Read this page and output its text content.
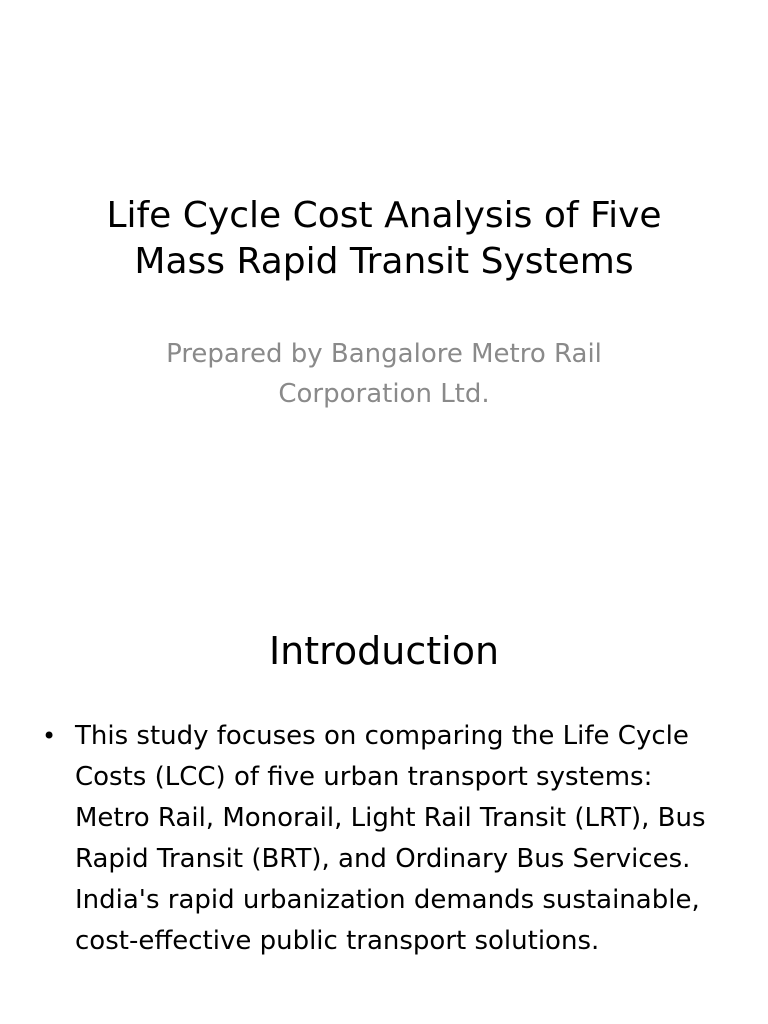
Life Cycle Cost Analysis of Five
Mass Rapid Transit Systems

Prepared by Bangalore Metro Rail
Corporation Ltd.

Introduction
• This study focuses on comparing the Life Cycle Costs (LCC) of five urban transport systems: Metro Rail, Monorail, Light Rail Transit (LRT), Bus Rapid Transit (BRT), and Ordinary Bus Services. India's rapid urbanization demands sustainable, cost-effective public transport solutions.
